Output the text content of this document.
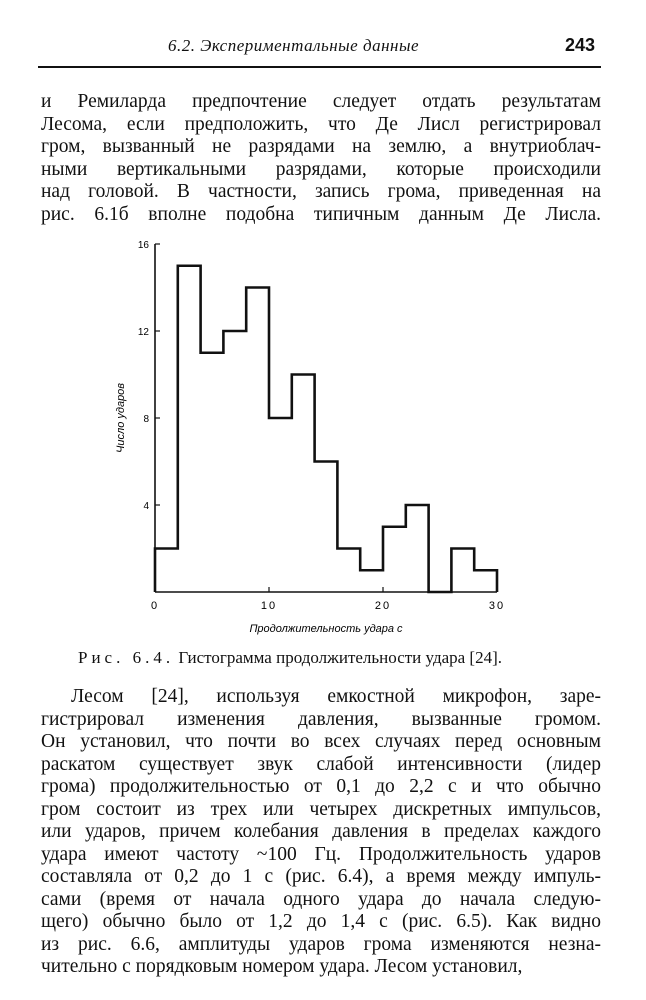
6.2. Экспериментальные данные	243
и Ремиларда предпочтение следует отдать результатам
Лесома, если предположить, что Де Лисл регистрировал
гром, вызванный не разрядами на землю, а внутриоблач-
ными вертикальными разрядами, которые происходили
над головой. В частности, запись грома, приведенная на
рис. 6.1б вполне подобна типичным данным Де Лисла.
4
8
12
16
0	10	20	30
Продолжительность удара с
Число ударов
Рис. 6.4. Гистограмма продолжительности удара [24].
Лесом [24], используя емкостной микрофон, заре-
гистрировал изменения давления, вызванные громом.
Он установил, что почти во всех случаях перед основным
раскатом существует звук слабой интенсивности (лидер
грома) продолжительностью от 0,1 до 2,2 с и что обычно
гром состоит из трех или четырех дискретных импульсов,
или ударов, причем колебания давления в пределах каждого
удара имеют частоту ~100 Гц. Продолжительность ударов
составляла от 0,2 до 1 с (рис. 6.4), а время между импуль-
сами (время от начала одного удара до начала следую-
щего) обычно было от 1,2 до 1,4 с (рис. 6.5). Как видно
из рис. 6.6, амплитуды ударов грома изменяются незна-
чительно с порядковым номером удара. Лесом установил,
